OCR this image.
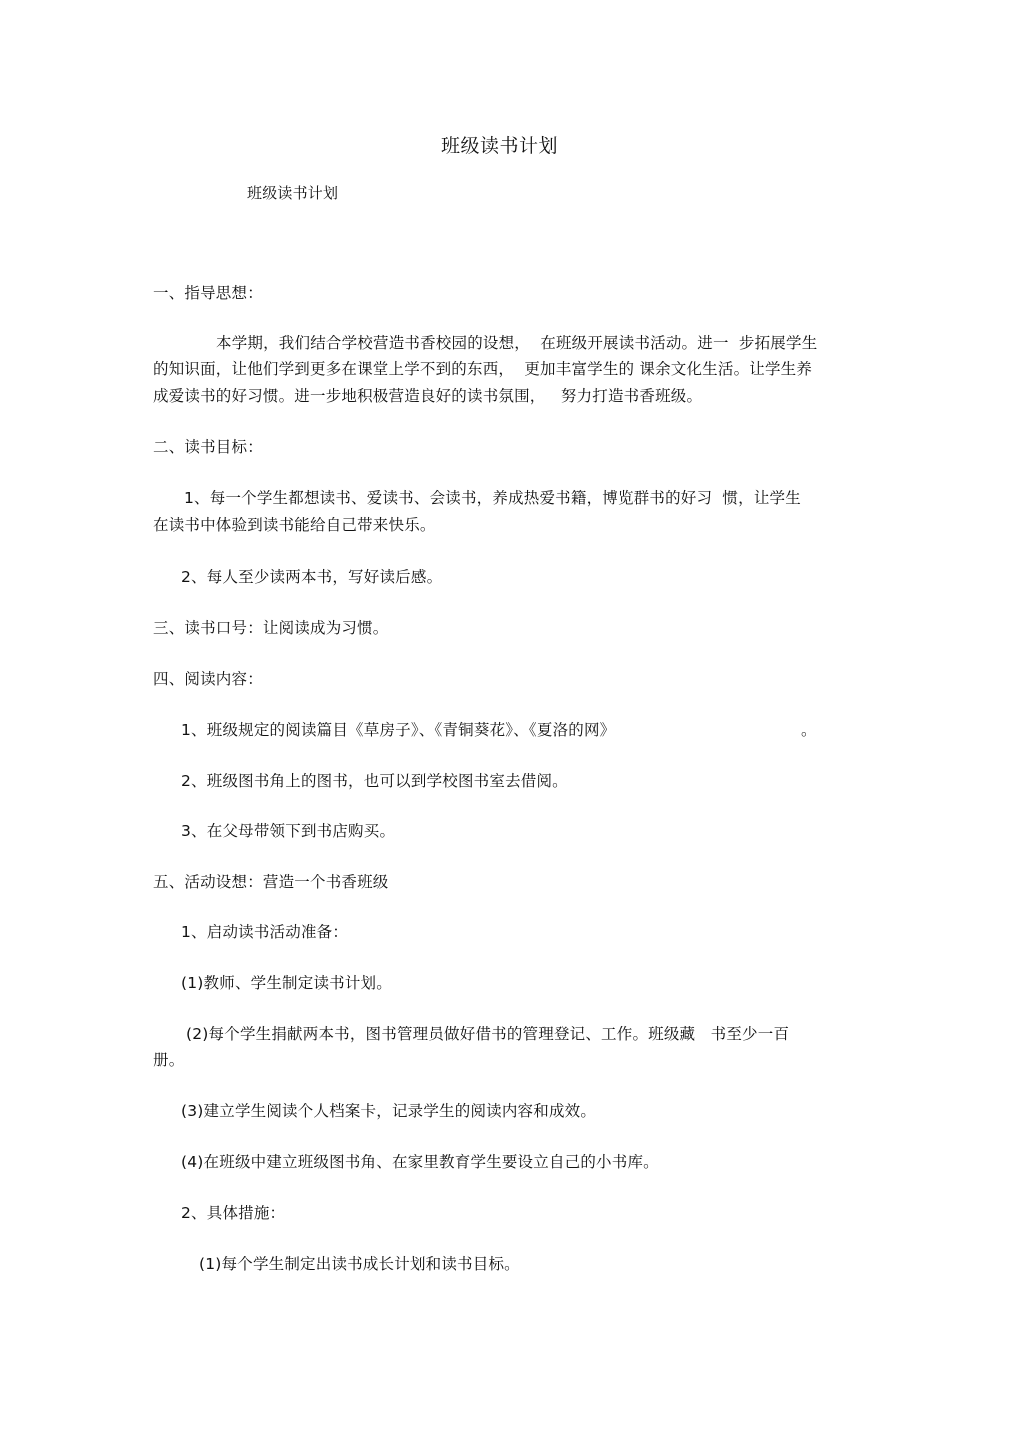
班级读书计划
班级读书计划
一、指导思想：
本学期，我们结合学校营造书香校园的设想，  在班级开展读书活动。进一  步拓展学生
的知识面，让他们学到更多在课堂上学不到的东西，  更加丰富学生的 课余文化生活。让学生养
成爱读书的好习惯。进一步地积极营造良好的读书氛围，   努力打造书香班级。
二、读书目标：
1、每一个学生都想读书、爱读书、会读书，养成热爱书籍，博览群书的好习  惯，让学生
在读书中体验到读书能给自己带来快乐。
2、每人至少读两本书，写好读后感。
三、读书口号：让阅读成为习惯。
四、阅读内容：
1、班级规定的阅读篇目《草房子》、《青铜葵花》、《夏洛的网》	。
2、班级图书角上的图书，也可以到学校图书室去借阅。
3、在父母带领下到书店购买。
五、活动设想：营造一个书香班级
1、启动读书活动准备：
(1)教师、学生制定读书计划。
(2)每个学生捐献两本书，图书管理员做好借书的管理登记、工作。班级藏   书至少一百
册。
(3)建立学生阅读个人档案卡，记录学生的阅读内容和成效。
(4)在班级中建立班级图书角、在家里教育学生要设立自己的小书库。
2、具体措施：
(1)每个学生制定出读书成长计划和读书目标。
